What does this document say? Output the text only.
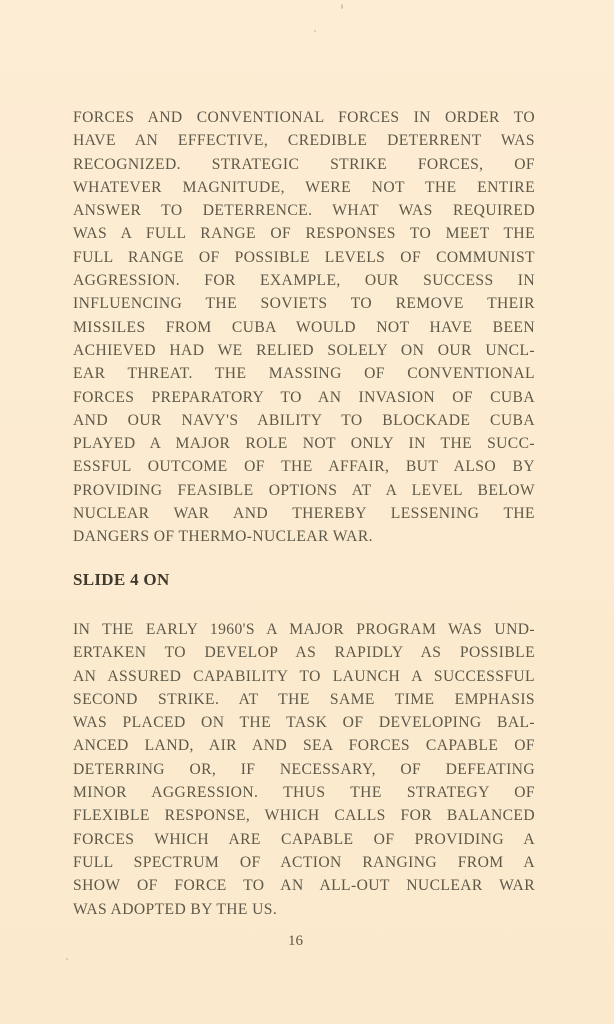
FORCES AND CONVENTIONAL FORCES IN ORDER TO
HAVE AN EFFECTIVE, CREDIBLE DETERRENT WAS
RECOGNIZED. STRATEGIC STRIKE FORCES, OF
WHATEVER MAGNITUDE, WERE NOT THE ENTIRE
ANSWER TO DETERRENCE. WHAT WAS REQUIRED
WAS A FULL RANGE OF RESPONSES TO MEET THE
FULL RANGE OF POSSIBLE LEVELS OF COMMUNIST
AGGRESSION. FOR EXAMPLE, OUR SUCCESS IN
INFLUENCING THE SOVIETS TO REMOVE THEIR
MISSILES FROM CUBA WOULD NOT HAVE BEEN
ACHIEVED HAD WE RELIED SOLELY ON OUR UNCL-
EAR THREAT. THE MASSING OF CONVENTIONAL
FORCES PREPARATORY TO AN INVASION OF CUBA
AND OUR NAVY'S ABILITY TO BLOCKADE CUBA
PLAYED A MAJOR ROLE NOT ONLY IN THE SUCC-
ESSFUL OUTCOME OF THE AFFAIR, BUT ALSO BY
PROVIDING FEASIBLE OPTIONS AT A LEVEL BELOW
NUCLEAR WAR AND THEREBY LESSENING THE
DANGERS OF THERMO-NUCLEAR WAR.
SLIDE 4 ON
IN THE EARLY 1960'S A MAJOR PROGRAM WAS UND-
ERTAKEN TO DEVELOP AS RAPIDLY AS POSSIBLE
AN ASSURED CAPABILITY TO LAUNCH A SUCCESSFUL
SECOND STRIKE. AT THE SAME TIME EMPHASIS
WAS PLACED ON THE TASK OF DEVELOPING BAL-
ANCED LAND, AIR AND SEA FORCES CAPABLE OF
DETERRING OR, IF NECESSARY, OF DEFEATING
MINOR AGGRESSION. THUS THE STRATEGY OF
FLEXIBLE RESPONSE, WHICH CALLS FOR BALANCED
FORCES WHICH ARE CAPABLE OF PROVIDING A
FULL SPECTRUM OF ACTION RANGING FROM A
SHOW OF FORCE TO AN ALL-OUT NUCLEAR WAR
WAS ADOPTED BY THE US.
16
